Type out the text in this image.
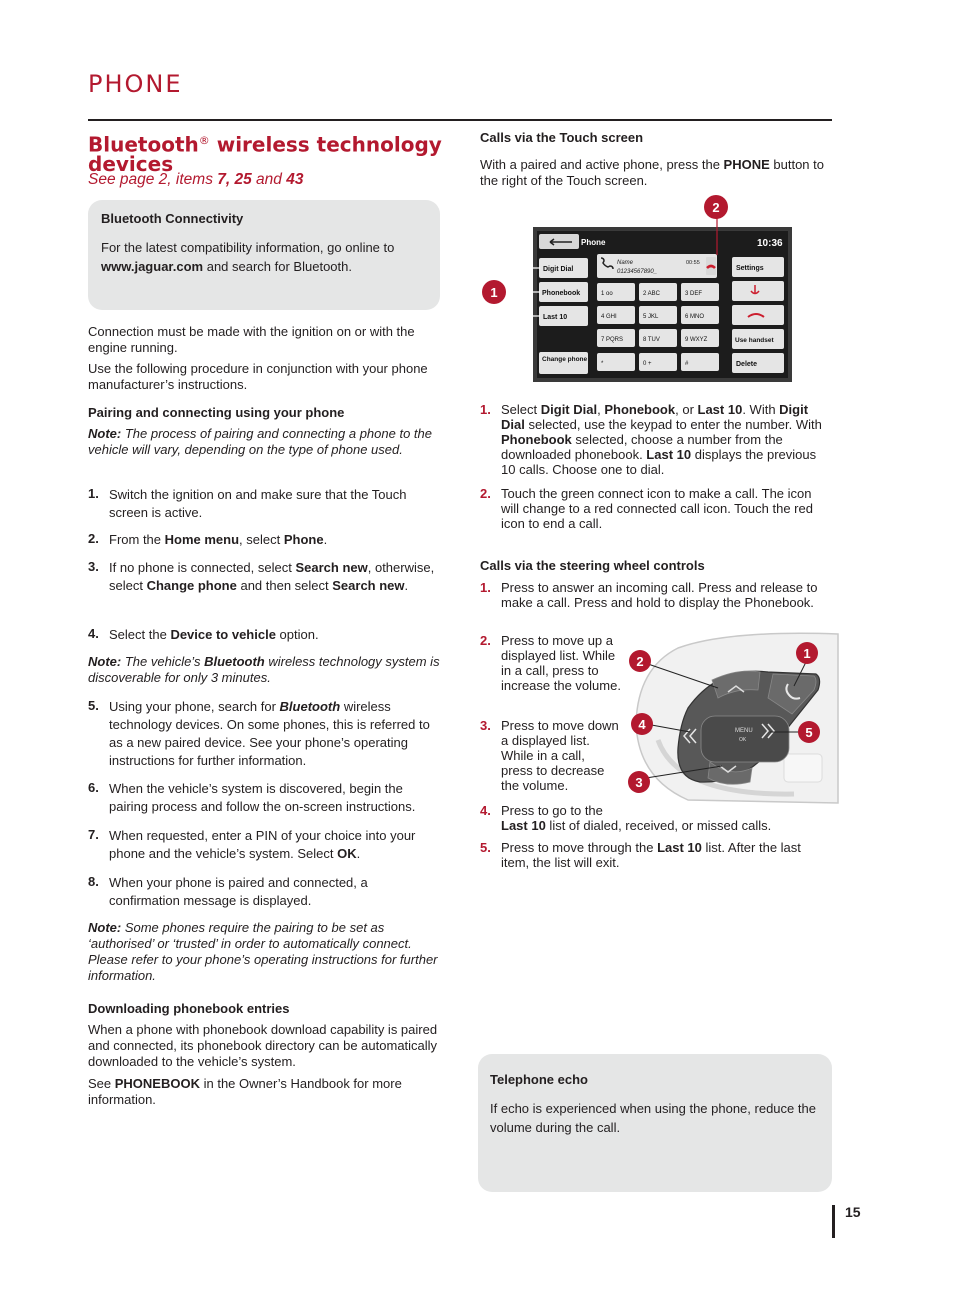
PHONE
Bluetooth® wireless technology devices
See page 2, items 7, 25 and 43
Bluetooth Connectivity
For the latest compatibility information, go online to www.jaguar.com and search for Bluetooth.

Connection must be made with the ignition on or with the engine running.

Use the following procedure in conjunction with your phone manufacturer’s instructions.

Pairing and connecting using your phone

Note: The process of pairing and connecting a phone to the vehicle will vary, depending on the type of phone used.

1. Switch the ignition on and make sure that the Touch screen is active.
2. From the Home menu, select Phone.
3. If no phone is connected, select Search new, otherwise, select Change phone and then select Search new.
4. Select the Device to vehicle option.

Note: The vehicle’s Bluetooth wireless technology system is discoverable for only 3 minutes.

5. Using your phone, search for Bluetooth wireless technology devices. On some phones, this is referred to as a new paired device. See your phone’s operating instructions for further information.
6. When the vehicle’s system is discovered, begin the pairing process and follow the on-screen instructions.
7. When requested, enter a PIN of your choice into your phone and the vehicle’s system. Select OK.
8. When your phone is paired and connected, a confirmation message is displayed.

Note: Some phones require the pairing to be set as ‘authorised’ or ‘trusted’ in order to automatically connect. Please refer to your phone’s operating instructions for further information.

Downloading phonebook entries

When a phone with phonebook download capability is paired and connected, its phonebook directory can be automatically downloaded to the vehicle’s system.

See PHONEBOOK in the Owner’s Handbook for more information.

Calls via the Touch screen

With a paired and active phone, press the PHONE button to the right of the Touch screen.

Phone	10:36
Digit Dial
Phonebook
Last 10
Change phone
Name
01234567890_
00:55
1 oo	2 ABC	3 DEF
4 GHI	5 JKL	6 MNO
7 PQRS	8 TUV	9 WXYZ
*	0 +	#
Settings
Use handset
Delete
1
2
1. Select Digit Dial, Phonebook, or Last 10. With Digit Dial selected, use the keypad to enter the number. With Phonebook selected, choose a number from the downloaded phonebook. Last 10 displays the previous 10 calls. Choose one to dial.
2. Touch the green connect icon to make a call. The icon will change to a red connected call icon. Touch the red icon to end a call.
Calls via the steering wheel controls
1. Press to answer an incoming call. Press and release to make a call. Press and hold to display the Phonebook.
2. Press to move up a displayed list. While in a call, press to increase the volume.
3. Press to move down a displayed list. While in a call, press to decrease the volume.
4. Press to go to the
Last 10 list of dialed, received, or missed calls.
5. Press to move through the Last 10 list. After the last item, the list will exit.
MENU
OK
2
1
4
5
3
Telephone echo
If echo is experienced when using the phone, reduce the volume during the call.
15
